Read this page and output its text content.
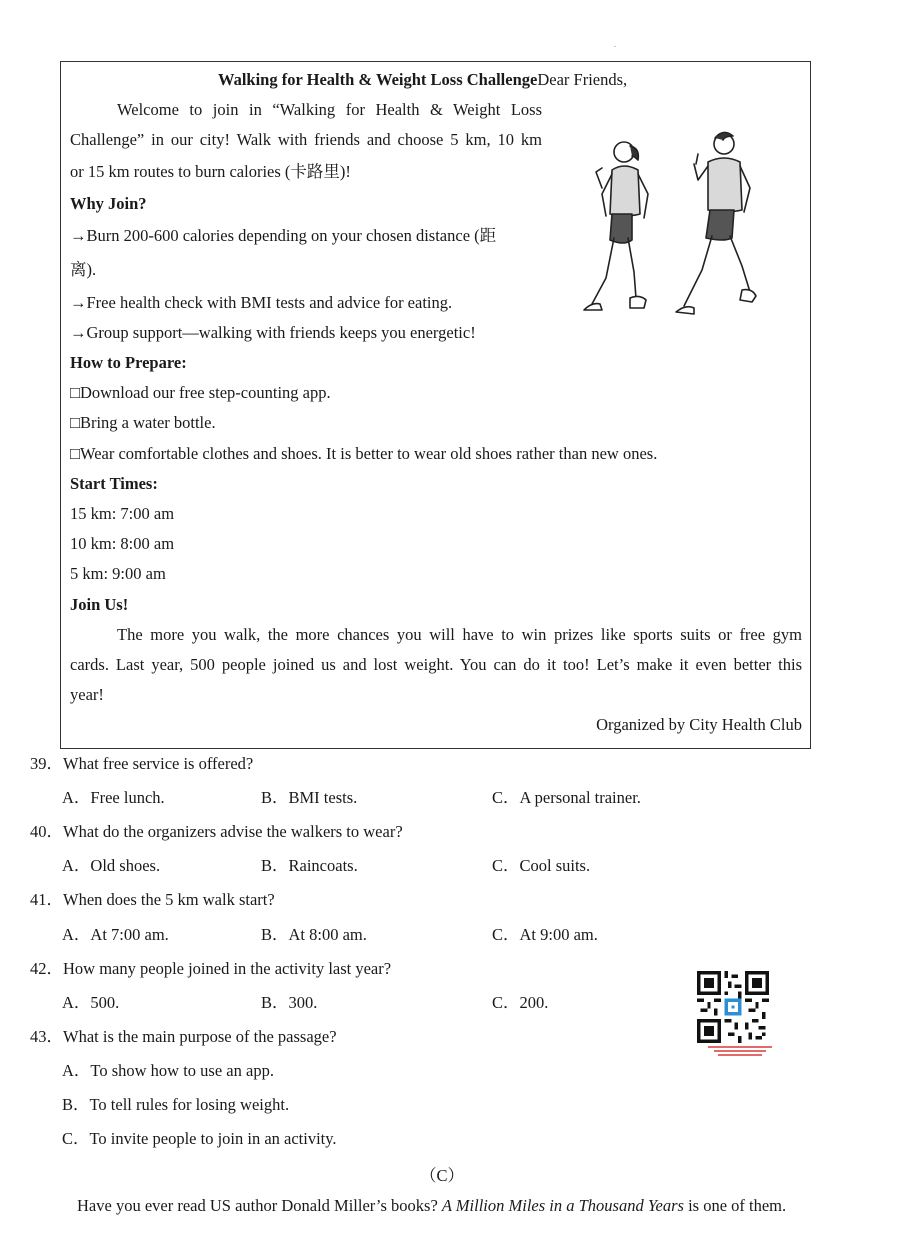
.
Walking for Health & Weight Loss ChallengeDear Friends,
Welcome to join in “Walking for Health & Weight Loss
Challenge” in our city! Walk with friends and choose 5 km, 10 km
or 15 km routes to burn calories (卡路里)!
Why Join?
→Burn 200-600 calories depending on your chosen distance (距
离).
→Free health check with BMI tests and advice for eating.
→Group support—walking with friends keeps you energetic!
How to Prepare:
□Download our free step-counting app.
□Bring a water bottle.
□Wear comfortable clothes and shoes. It is better to wear old shoes rather than new ones.
Start Times:
15 km: 7:00 am
10 km: 8:00 am
5 km: 9:00 am
Join Us!
The more you walk, the more chances you will have to win prizes like sports suits or free gym
cards. Last year, 500 people joined us and lost weight. You can do it too! Let’s make it even better this
year!
Organized by City Health Club
39．What free service is offered?
A．Free lunch.	B．BMI tests.	C．A personal trainer.
40．What do the organizers advise the walkers to wear?
A．Old shoes.	B．Raincoats.	C．Cool suits.
41．When does the 5 km walk start?
A．At 7:00 am.	B．At 8:00 am.	C．At 9:00 am.
42．How many people joined in the activity last year?
A．500.	B．300.	C．200.
43．What is the main purpose of the passage?
A．To show how to use an app.
B．To tell rules for losing weight.
C．To invite people to join in an activity.
（C）
Have you ever read US author Donald Miller’s books? A Million Miles in a Thousand Years is one of them.
